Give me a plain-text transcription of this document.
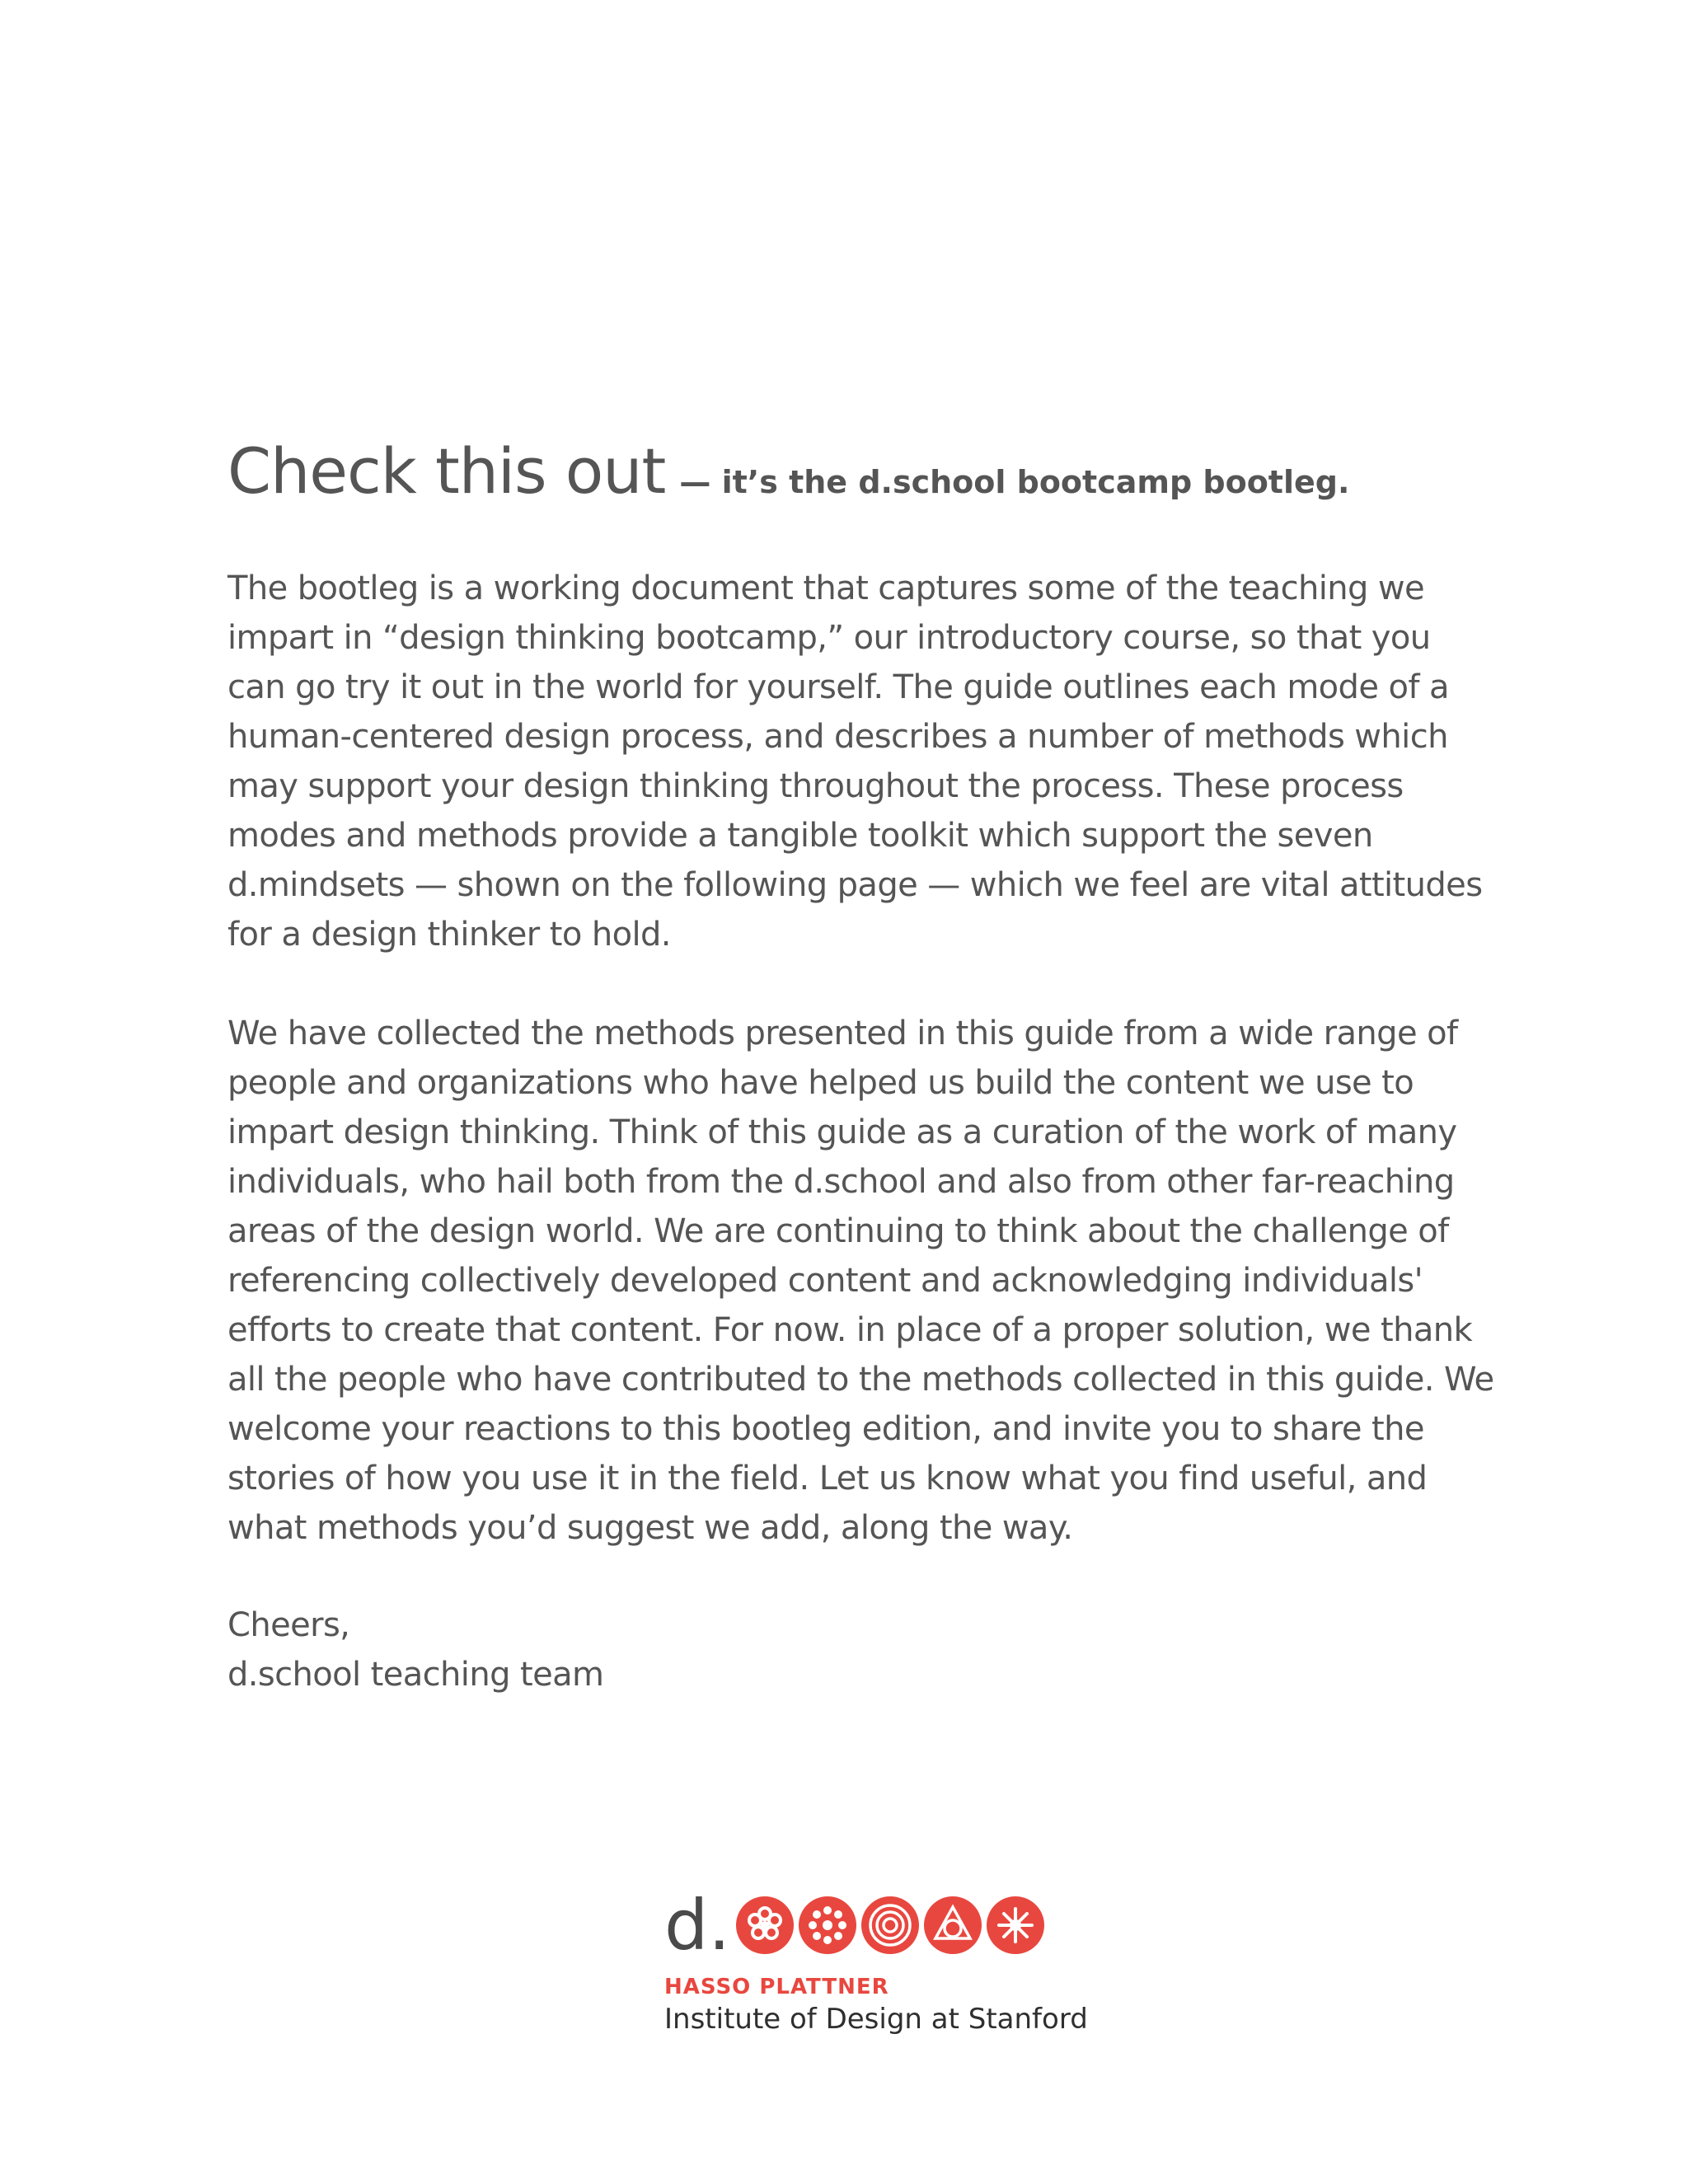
Check this out — it’s the d.school bootcamp bootleg.

The bootleg is a working document that captures some of the teaching we impart in “design thinking bootcamp,” our introductory course, so that you can go try it out in the world for yourself. The guide outlines each mode of a human-centered design process, and describes a number of methods which may support your design thinking throughout the process. These process modes and methods provide a tangible toolkit which support the seven d.mindsets — shown on the following page — which we feel are vital attitudes for a design thinker to hold.

We have collected the methods presented in this guide from a wide range of people and organizations who have helped us build the content we use to impart design thinking. Think of this guide as a curation of the work of many individuals, who hail both from the d.school and also from other far-reaching areas of the design world. We are continuing to think about the challenge of referencing collectively developed content and acknowledging individuals' efforts to create that content. For now. in place of a proper solution, we thank all the people who have contributed to the methods collected in this guide. We welcome your reactions to this bootleg edition, and invite you to share the stories of how you use it in the field. Let us know what you find useful, and what methods you’d suggest we add, along the way.

Cheers,
d.school teaching team
d.
HASSO PLATTNER
Institute of Design at Stanford
